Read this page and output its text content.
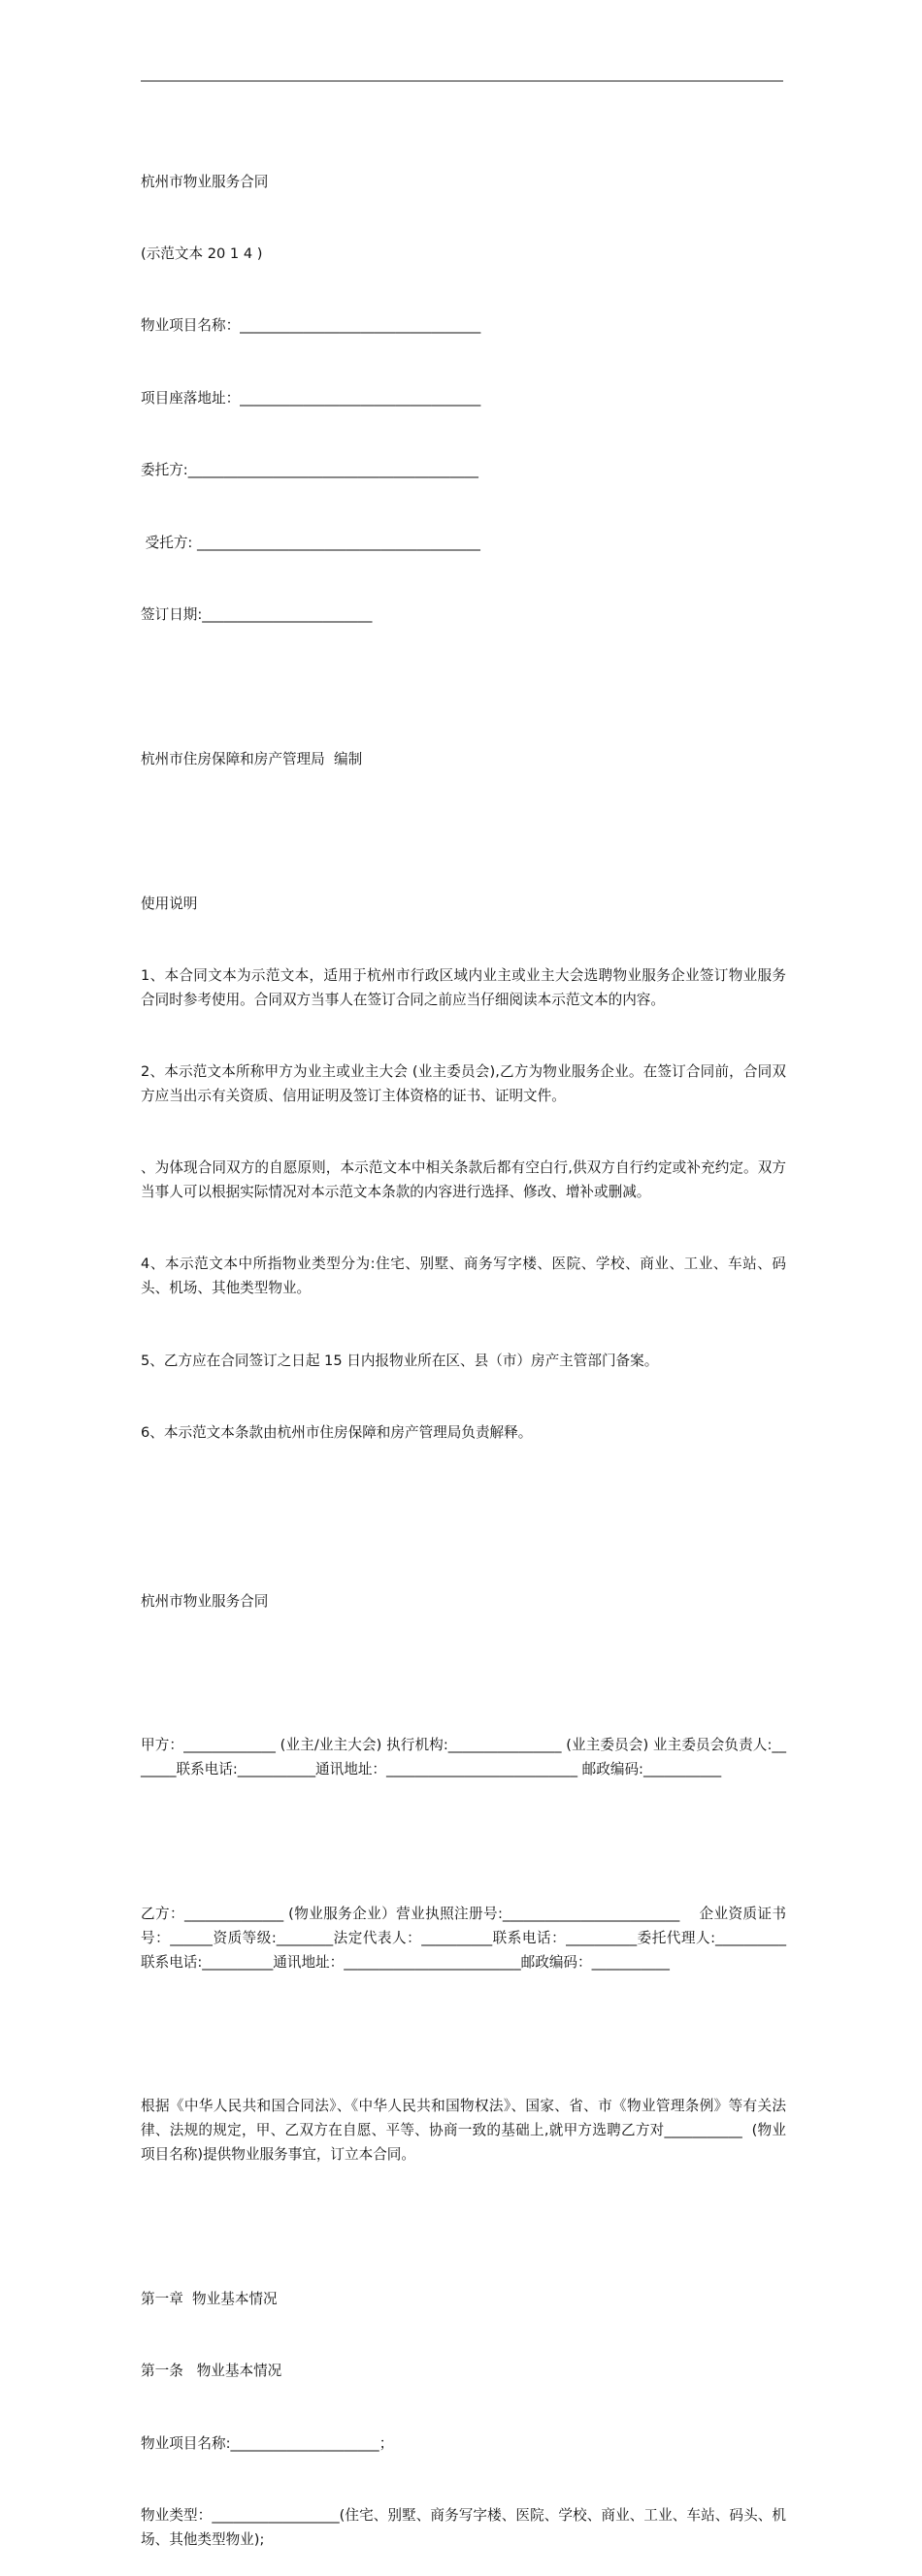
杭州市物业服务合同

(示范文本 20 1 4 )

物业项目名称：__________________________________

项目座落地址：__________________________________

委托方:_________________________________________

受托方: ________________________________________

签订日期:________________________

杭州市住房保障和房产管理局  编制

使用说明

1、本合同文本为示范文本，适用于杭州市行政区域内业主或业主大会选聘物业服务企业签订物业服务合同时参考使用。合同双方当事人在签订合同之前应当仔细阅读本示范文本的内容。

2、本示范文本所称甲方为业主或业主大会 (业主委员会),乙方为物业服务企业。在签订合同前，合同双方应当出示有关资质、信用证明及签订主体资格的证书、证明文件。

、为体现合同双方的自愿原则，本示范文本中相关条款后都有空白行,供双方自行约定或补充约定。双方当事人可以根据实际情况对本示范文本条款的内容进行选择、修改、增补或删减。

4、本示范文本中所指物业类型分为:住宅、别墅、商务写字楼、医院、学校、商业、工业、车站、码头、机场、其他类型物业。

5、乙方应在合同签订之日起 15 日内报物业所在区、县（市）房产主管部门备案。

6、本示范文本条款由杭州市住房保障和房产管理局负责解释。

杭州市物业服务合同

甲方：_____________ (业主/业主大会) 执行机构:________________ (业主委员会) 业主委员会负责人:_______联系电话:___________通讯地址：___________________________ 邮政编码:___________

乙方：______________ (物业服务企业）营业执照注册号:_________________________    企业资质证书号：______资质等级:________法定代表人：__________联系电话：__________委托代理人:__________ 联系电话:__________通讯地址：_________________________邮政编码：___________

根据《中华人民共和国合同法》、《中华人民共和国物权法》、国家、省、市《物业管理条例》等有关法律、法规的规定，甲、乙双方在自愿、平等、协商一致的基础上,就甲方选聘乙方对___________  (物业项目名称)提供物业服务事宜，订立本合同。

第一章  物业基本情况

第一条   物业基本情况

物业项目名称:_____________________；

物业类型：__________________(住宅、别墅、商务写字楼、医院、学校、商业、工业、车站、码头、机场、其他类型物业);
